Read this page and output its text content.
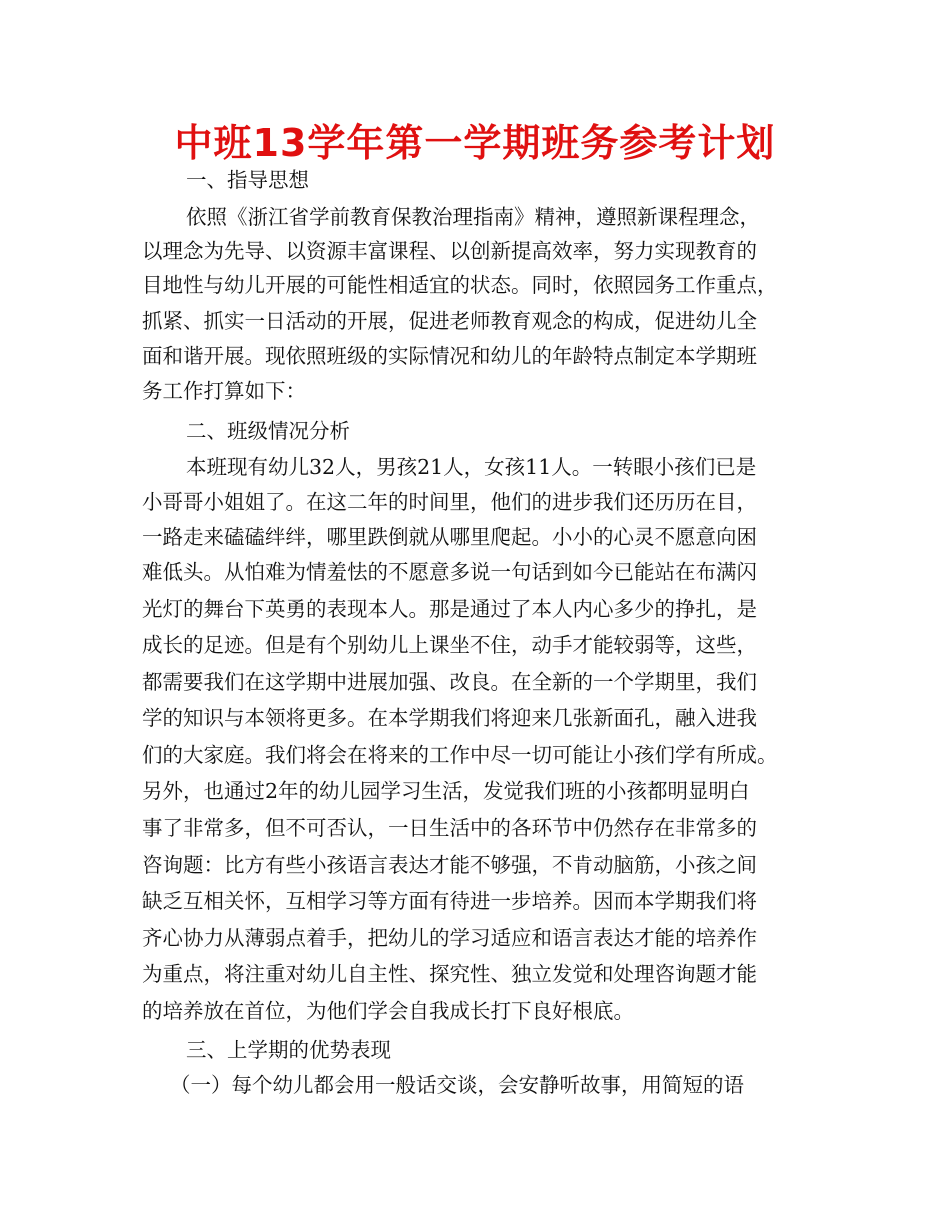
中班13学年第一学期班务参考计划
一、指导思想
依照《浙江省学前教育保教治理指南》精神，遵照新课程理念，
以理念为先导、以资源丰富课程、以创新提高效率，努力实现教育的
目地性与幼儿开展的可能性相适宜的状态。同时，依照园务工作重点，
抓紧、抓实一日活动的开展，促进老师教育观念的构成，促进幼儿全
面和谐开展。现依照班级的实际情况和幼儿的年龄特点制定本学期班
务工作打算如下：
二、班级情况分析
本班现有幼儿32人，男孩21人，女孩11人。一转眼小孩们已是
小哥哥小姐姐了。在这二年的时间里，他们的进步我们还历历在目，
一路走来磕磕绊绊，哪里跌倒就从哪里爬起。小小的心灵不愿意向困
难低头。从怕难为情羞怯的不愿意多说一句话到如今已能站在布满闪
光灯的舞台下英勇的表现本人。那是通过了本人内心多少的挣扎，是
成长的足迹。但是有个别幼儿上课坐不住，动手才能较弱等，这些，
都需要我们在这学期中进展加强、改良。在全新的一个学期里，我们
学的知识与本领将更多。在本学期我们将迎来几张新面孔，融入进我
们的大家庭。我们将会在将来的工作中尽一切可能让小孩们学有所成。
另外，也通过2年的幼儿园学习生活，发觉我们班的小孩都明显明白
事了非常多，但不可否认，一日生活中的各环节中仍然存在非常多的
咨询题：比方有些小孩语言表达才能不够强，不肯动脑筋，小孩之间
缺乏互相关怀，互相学习等方面有待进一步培养。因而本学期我们将
齐心协力从薄弱点着手，把幼儿的学习适应和语言表达才能的培养作
为重点，将注重对幼儿自主性、探究性、独立发觉和处理咨询题才能
的培养放在首位，为他们学会自我成长打下良好根底。
三、上学期的优势表现
（一）每个幼儿都会用一般话交谈，会安静听故事，用简短的语
